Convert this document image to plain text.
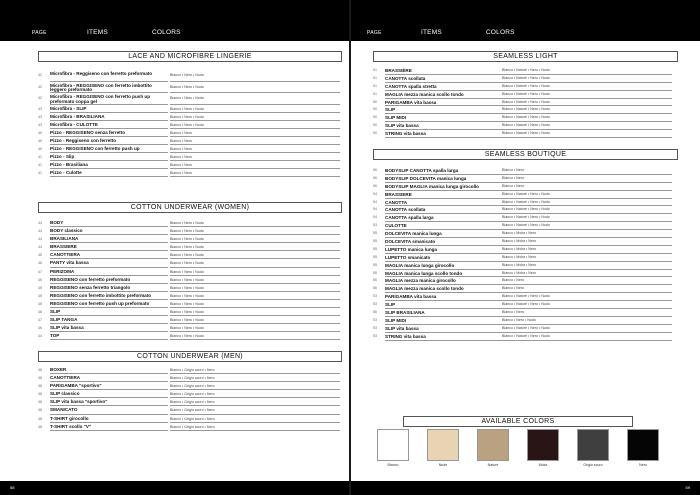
PAGE	ITEMS	COLORS
LACE AND MICROFIBRE LINGERIE
42	Microfibra - Reggiseno con ferretto preformato	Bianco • Nero • Nudo
42	Microfibra - REGGISENO con ferretto imbottito leggero preformato
Bianco • Nero • Nudo
42	Microfibra - REGGISENO con ferretto push up preformato coppa gel
Bianco • Nero • Nudo
43	Microfibra - SLIP	Bianco • Nero • Nudo
43	Microfibra - BRASILIANA	Bianco • Nero • Nudo
43	Microfibra - CULOTTE	Bianco • Nero • Nudo
40	Pizzo - REGGISENO senza ferretto	Bianco • Nero
40	Pizzo - Reggiseno con ferretto	Bianco • Nero
40	Pizzo - REGGISENO con ferretto push up	Bianco • Nero
41	Pizzo - Slip	Bianco • Nero
41	Pizzo - Brasiliana	Bianco • Nero
41	Pizzo - Culotte	Bianco • Nero
COTTON UNDERWEAR (WOMEN)
44	BODY	Bianco • Nero • Nudo
44	BODY classico	Bianco • Nero • Nudo
44	BRASILIANA	Bianco • Nero • Nudo
44	BRASSIERE	Bianco • Nero • Nudo
45	CANOTTIERA	Bianco • Nero • Nudo
46	PANTY vita bassa	Bianco • Nero • Nudo
47	PERIZOMA	Bianco • Nero • Nudo
45	REGGISENO con ferretto preformato	Bianco • Nero • Nudo
45	REGGISENO senza ferretto triangolo	Bianco • Nero • Nudo
45	REGGISENO con ferretto imbottito preformato	Bianco • Nero • Nudo
45	REGGISENO con ferretto push up preformato	Bianco • Nero • Nudo
46	SLIP	Bianco • Nero • Nudo
47	SLIP TANGA	Bianco • Nero • Nudo
46	SLIP vita bassa	Bianco • Nero • Nudo
44	TOP	Bianco • Nero • Nudo
COTTON UNDERWEAR (MEN)
48	BOXER	Bianco • Grigio scuro • Nero
48	CANOTTIERA	Bianco • Grigio scuro • Nero
48	PARIGAMBA "sportivo"	Bianco • Grigio scuro • Nero
48	SLIP classico	Bianco • Grigio scuro • Nero
48	SLIP vita bassa "sportivo"	Bianco • Grigio scuro • Nero
48	SMANICATO	Bianco • Grigio scuro • Nero
48	T-SHIRT girocollo	Bianco • Grigio scuro • Nero
48	T-SHIRT scollo "V"	Bianco • Grigio scuro • Nero
58
PAGE	ITEMS	COLORS
SEAMLESS LIGHT
51	BRASSIÈRE	Bianco • Naturè • Nero • Nudo
51	CANOTTA scollata	Bianco • Naturè • Nero • Nudo
51	CANOTTA spalla stretta	Bianco • Naturè • Nero • Nudo
51	MAGLIA mezza manica scollo tondo	Bianco • Naturè • Nero • Nudo
50	PARIGAMBA vita bassa	Bianco • Naturè • Nero • Nudo
50	SLIP	Bianco • Naturè • Nero • Nudo
50	SLIP MIDI	Bianco • Naturè • Nero • Nudo
50	SLIP vita bassa	Bianco • Naturè • Nero • Nudo
50	STRING vita bassa	Bianco • Naturè • Nero • Nudo
SEAMLESS BOUTIQUE
56	BODYSLIP CANOTTA spalla larga	Bianco • Nero
56	BODYSLIP DOLCEVITA manica lunga	Bianco • Nero
56	BODYSLIP MAGLIA manica lunga girocollo	Bianco • Nero
54	BRASSIERE	Bianco • Naturè • Nero • Nudo
54	CANOTTA	Bianco • Naturè • Nero • Nudo
54	CANOTTA scollata	Bianco • Naturè • Nero • Nudo
54	CANOTTA spalla larga	Bianco • Naturè • Nero • Nudo
53	CULOTTE	Bianco • Naturè • Nero • Nudo
55	DOLCEVITA manica lunga	Bianco • Moka • Nero
55	DOLCEVITA smanicato	Bianco • Moka • Nero
55	LUPETTO manica lunga	Bianco • Moka • Nero
55	LUPETTO smanicato	Bianco • Moka • Nero
55	MAGLIA manica lunga girocollo	Bianco • Moka • Nero
55	MAGLIA manica lunga scollo tondo	Bianco • Moka • Nero
56	MAGLIA mezza manica girocollo	Bianco • Nero
56	MAGLIA mezza manica scollo tondo	Bianco • Nero
53	PARIGAMBA vita bassa	Bianco • Naturè • Nero • Nudo
53	SLIP	Bianco • Naturè • Nero • Nudo
56	SLIP BRASILIANA	Bianco • Nero
53	SLIP MIDI	Bianco • Nero • Nudo
53	SLIP vita bassa	Bianco • Naturè • Nero • Nudo
53	STRING vita bassa	Bianco • Naturè • Nero • Nudo
AVAILABLE COLORS
Bianco	Nude	Naturè	Moka	Grigio scuro	Nero
59
